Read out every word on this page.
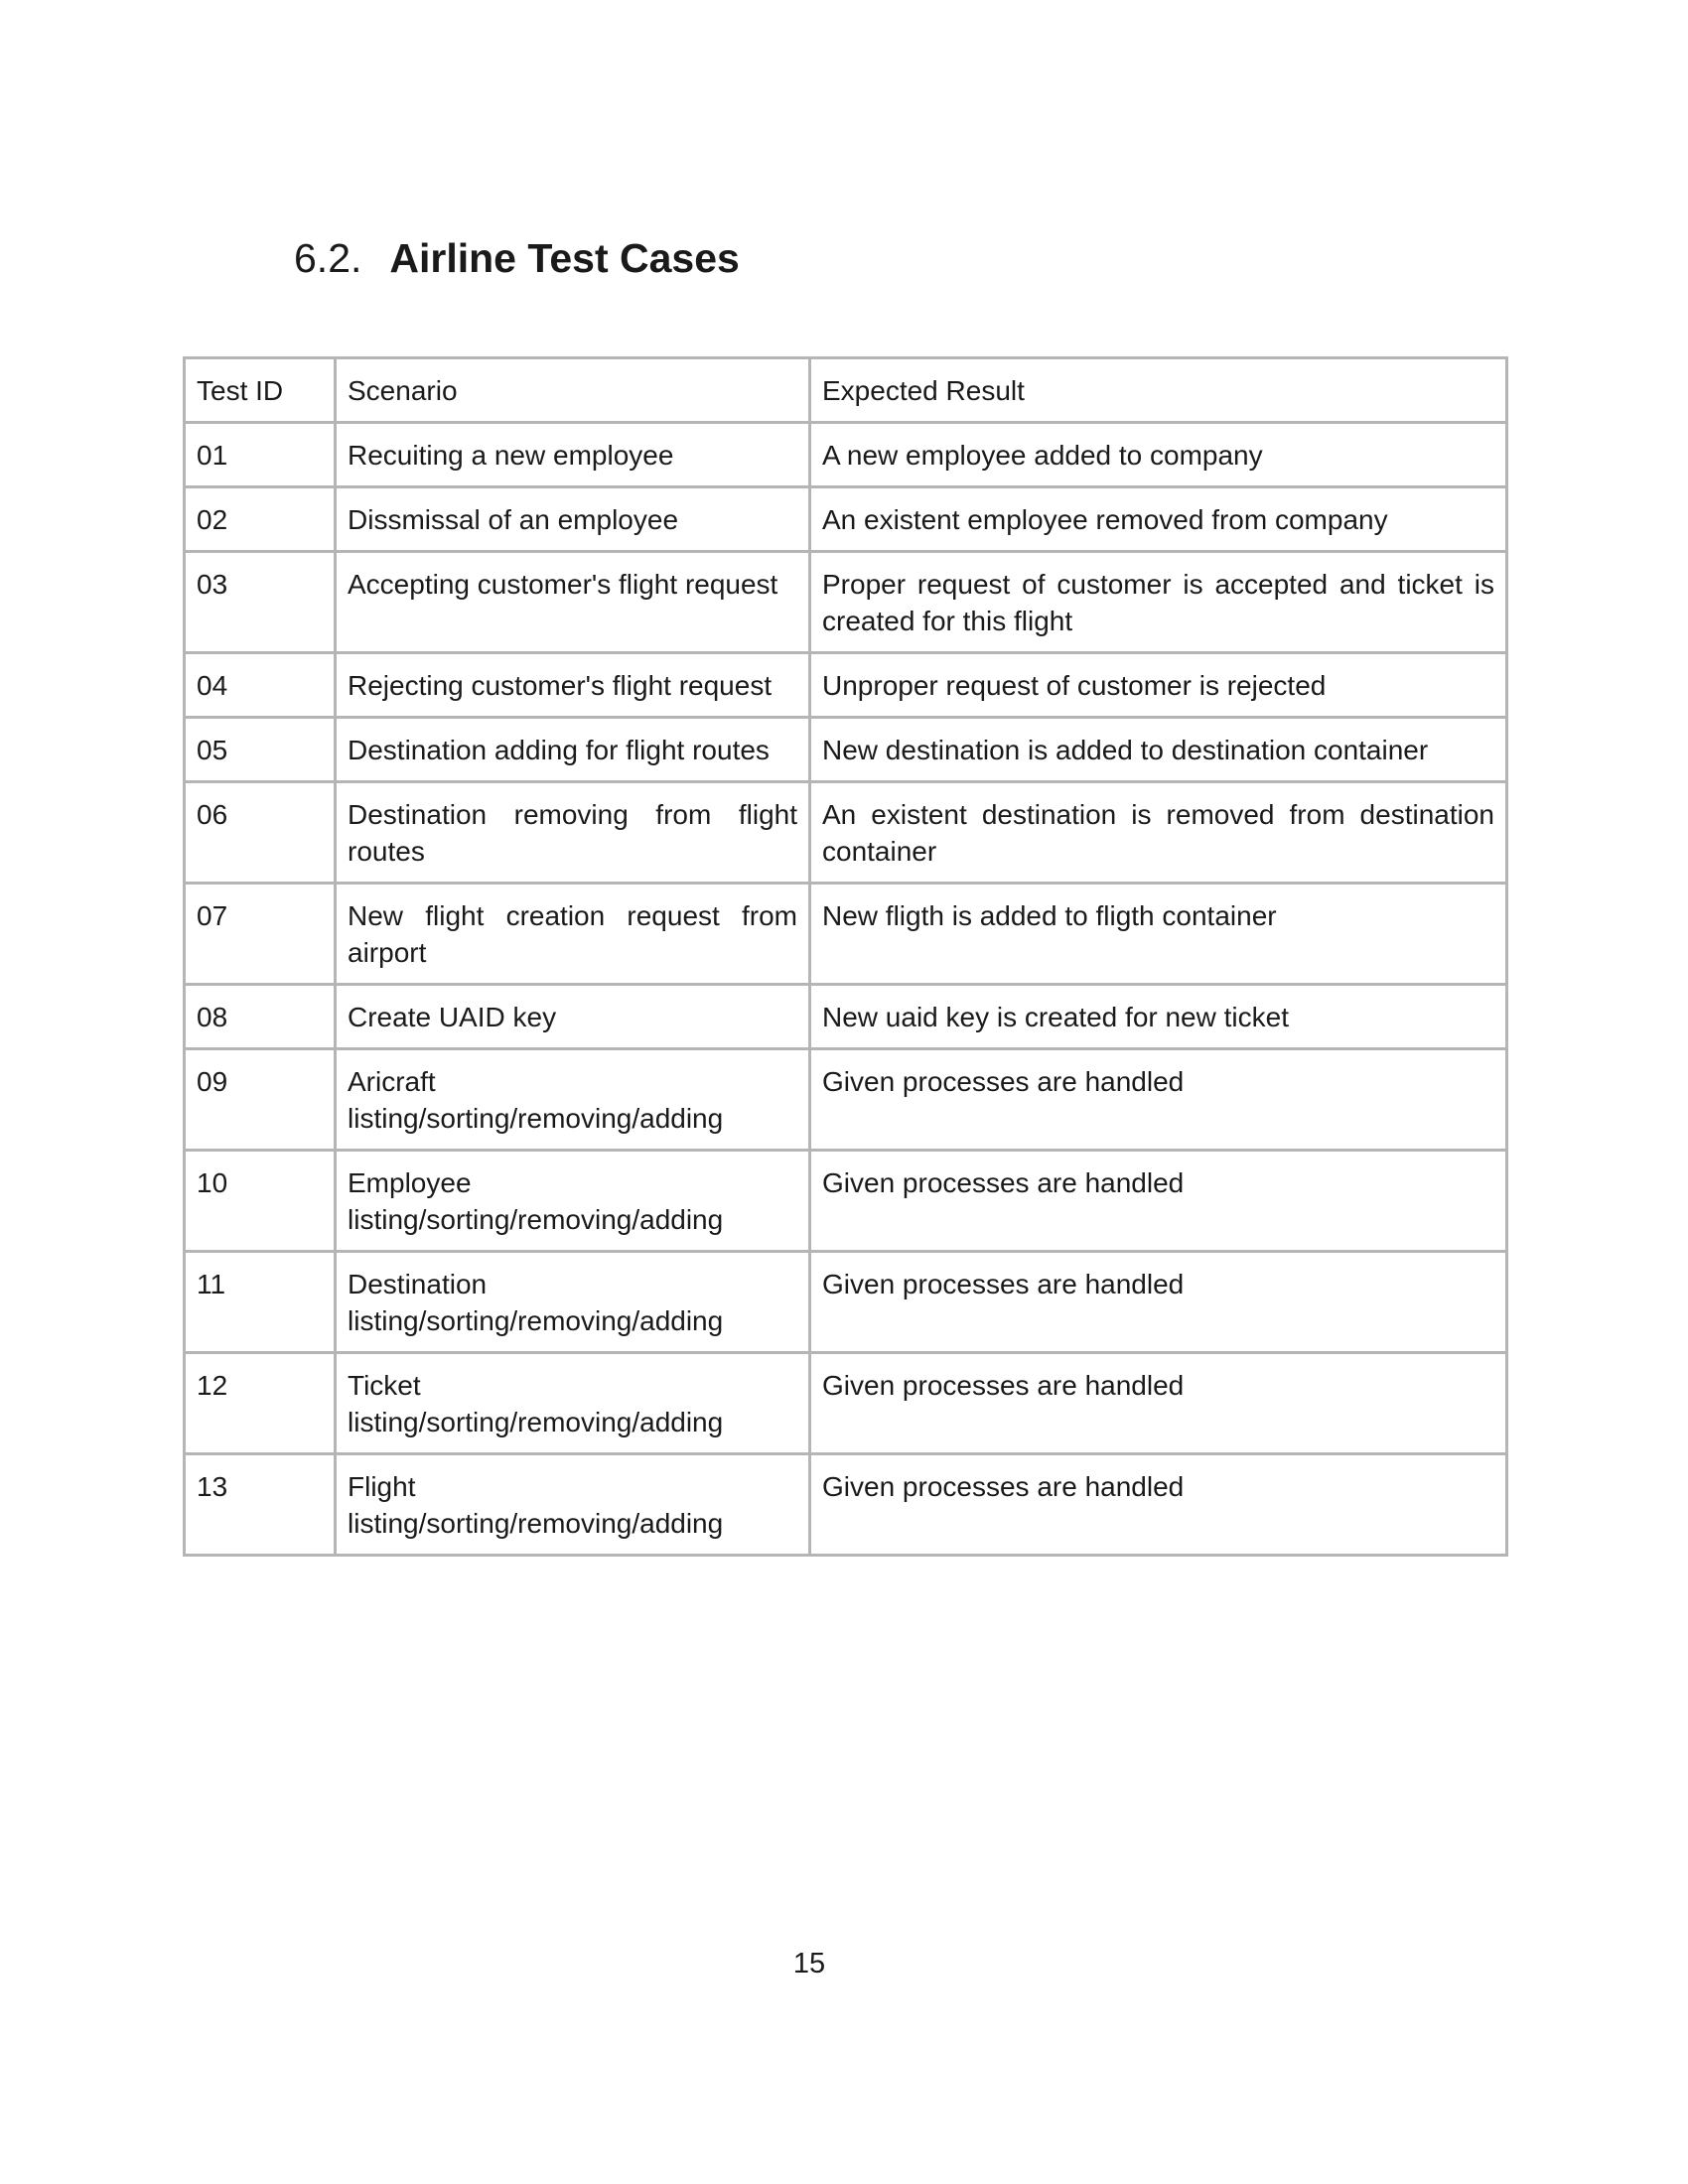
6.2. Airline Test Cases
Test ID	Scenario	Expected Result
01	Recuiting a new employee	A new employee added to company
02	Dissmissal of an employee	An existent employee removed from company
03	Accepting customer's flight request	Proper request of customer is accepted and ticket is created for this flight
04	Rejecting customer's flight request	Unproper request of customer is rejected
05	Destination adding for flight routes	New destination is added to destination container
06	Destination removing from flight routes	An existent destination is removed from destination container
07	New flight creation request from airport	New fligth is added to fligth container
08	Create UAID key	New uaid key is created for new ticket
09	Aricraft listing/sorting/removing/adding	Given processes are handled
10	Employee listing/sorting/removing/adding	Given processes are handled
11	Destination listing/sorting/removing/adding	Given processes are handled
12	Ticket listing/sorting/removing/adding	Given processes are handled
13	Flight listing/sorting/removing/adding	Given processes are handled
15
